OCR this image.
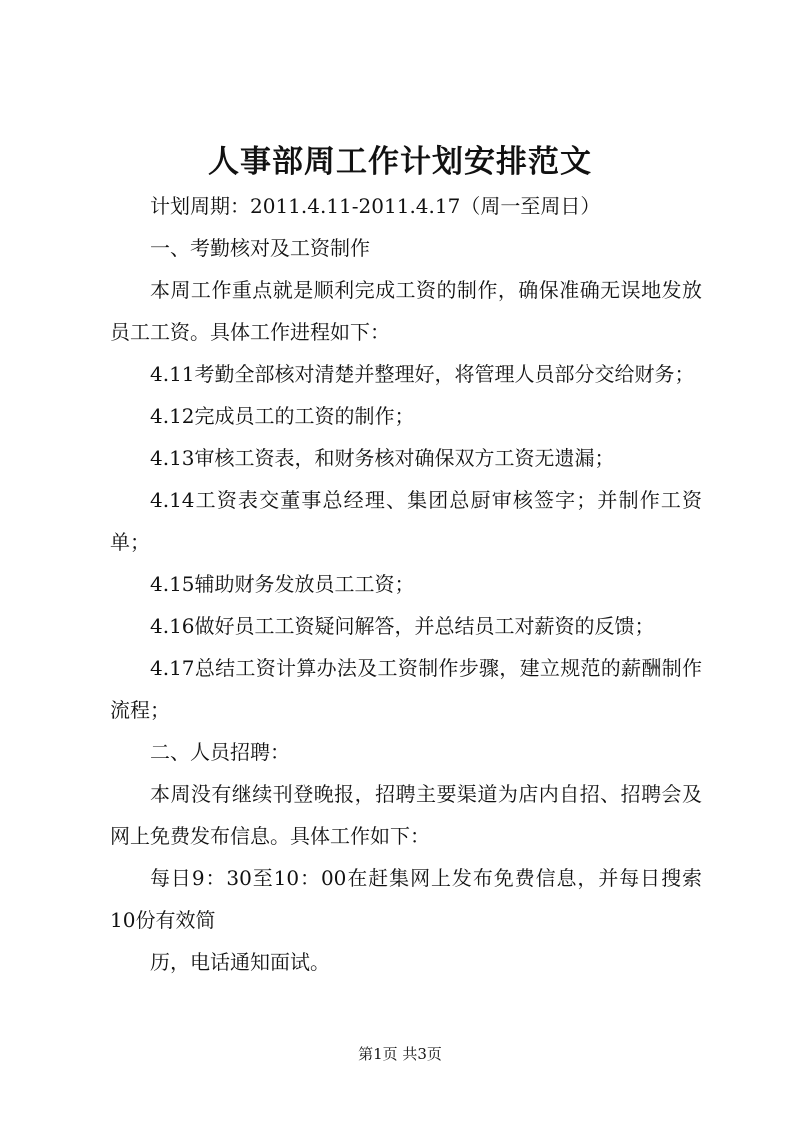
人事部周工作计划安排范文

计划周期：2011.4.11-2011.4.17（周一至周日）

一、考勤核对及工资制作

本周工作重点就是顺利完成工资的制作，确保准确无误地发放员工工资。具体工作进程如下：

4.11考勤全部核对清楚并整理好，将管理人员部分交给财务；

4.12完成员工的工资的制作；

4.13审核工资表，和财务核对确保双方工资无遗漏；

4.14工资表交董事总经理、集团总厨审核签字；并制作工资单；

4.15辅助财务发放员工工资；

4.16做好员工工资疑问解答，并总结员工对薪资的反馈；

4.17总结工资计算办法及工资制作步骤，建立规范的薪酬制作流程；

二、人员招聘：

本周没有继续刊登晚报，招聘主要渠道为店内自招、招聘会及网上免费发布信息。具体工作如下：

每日9：30至10：00在赶集网上发布免费信息，并每日搜索10份有效简

历，电话通知面试。

第1页 共3页
